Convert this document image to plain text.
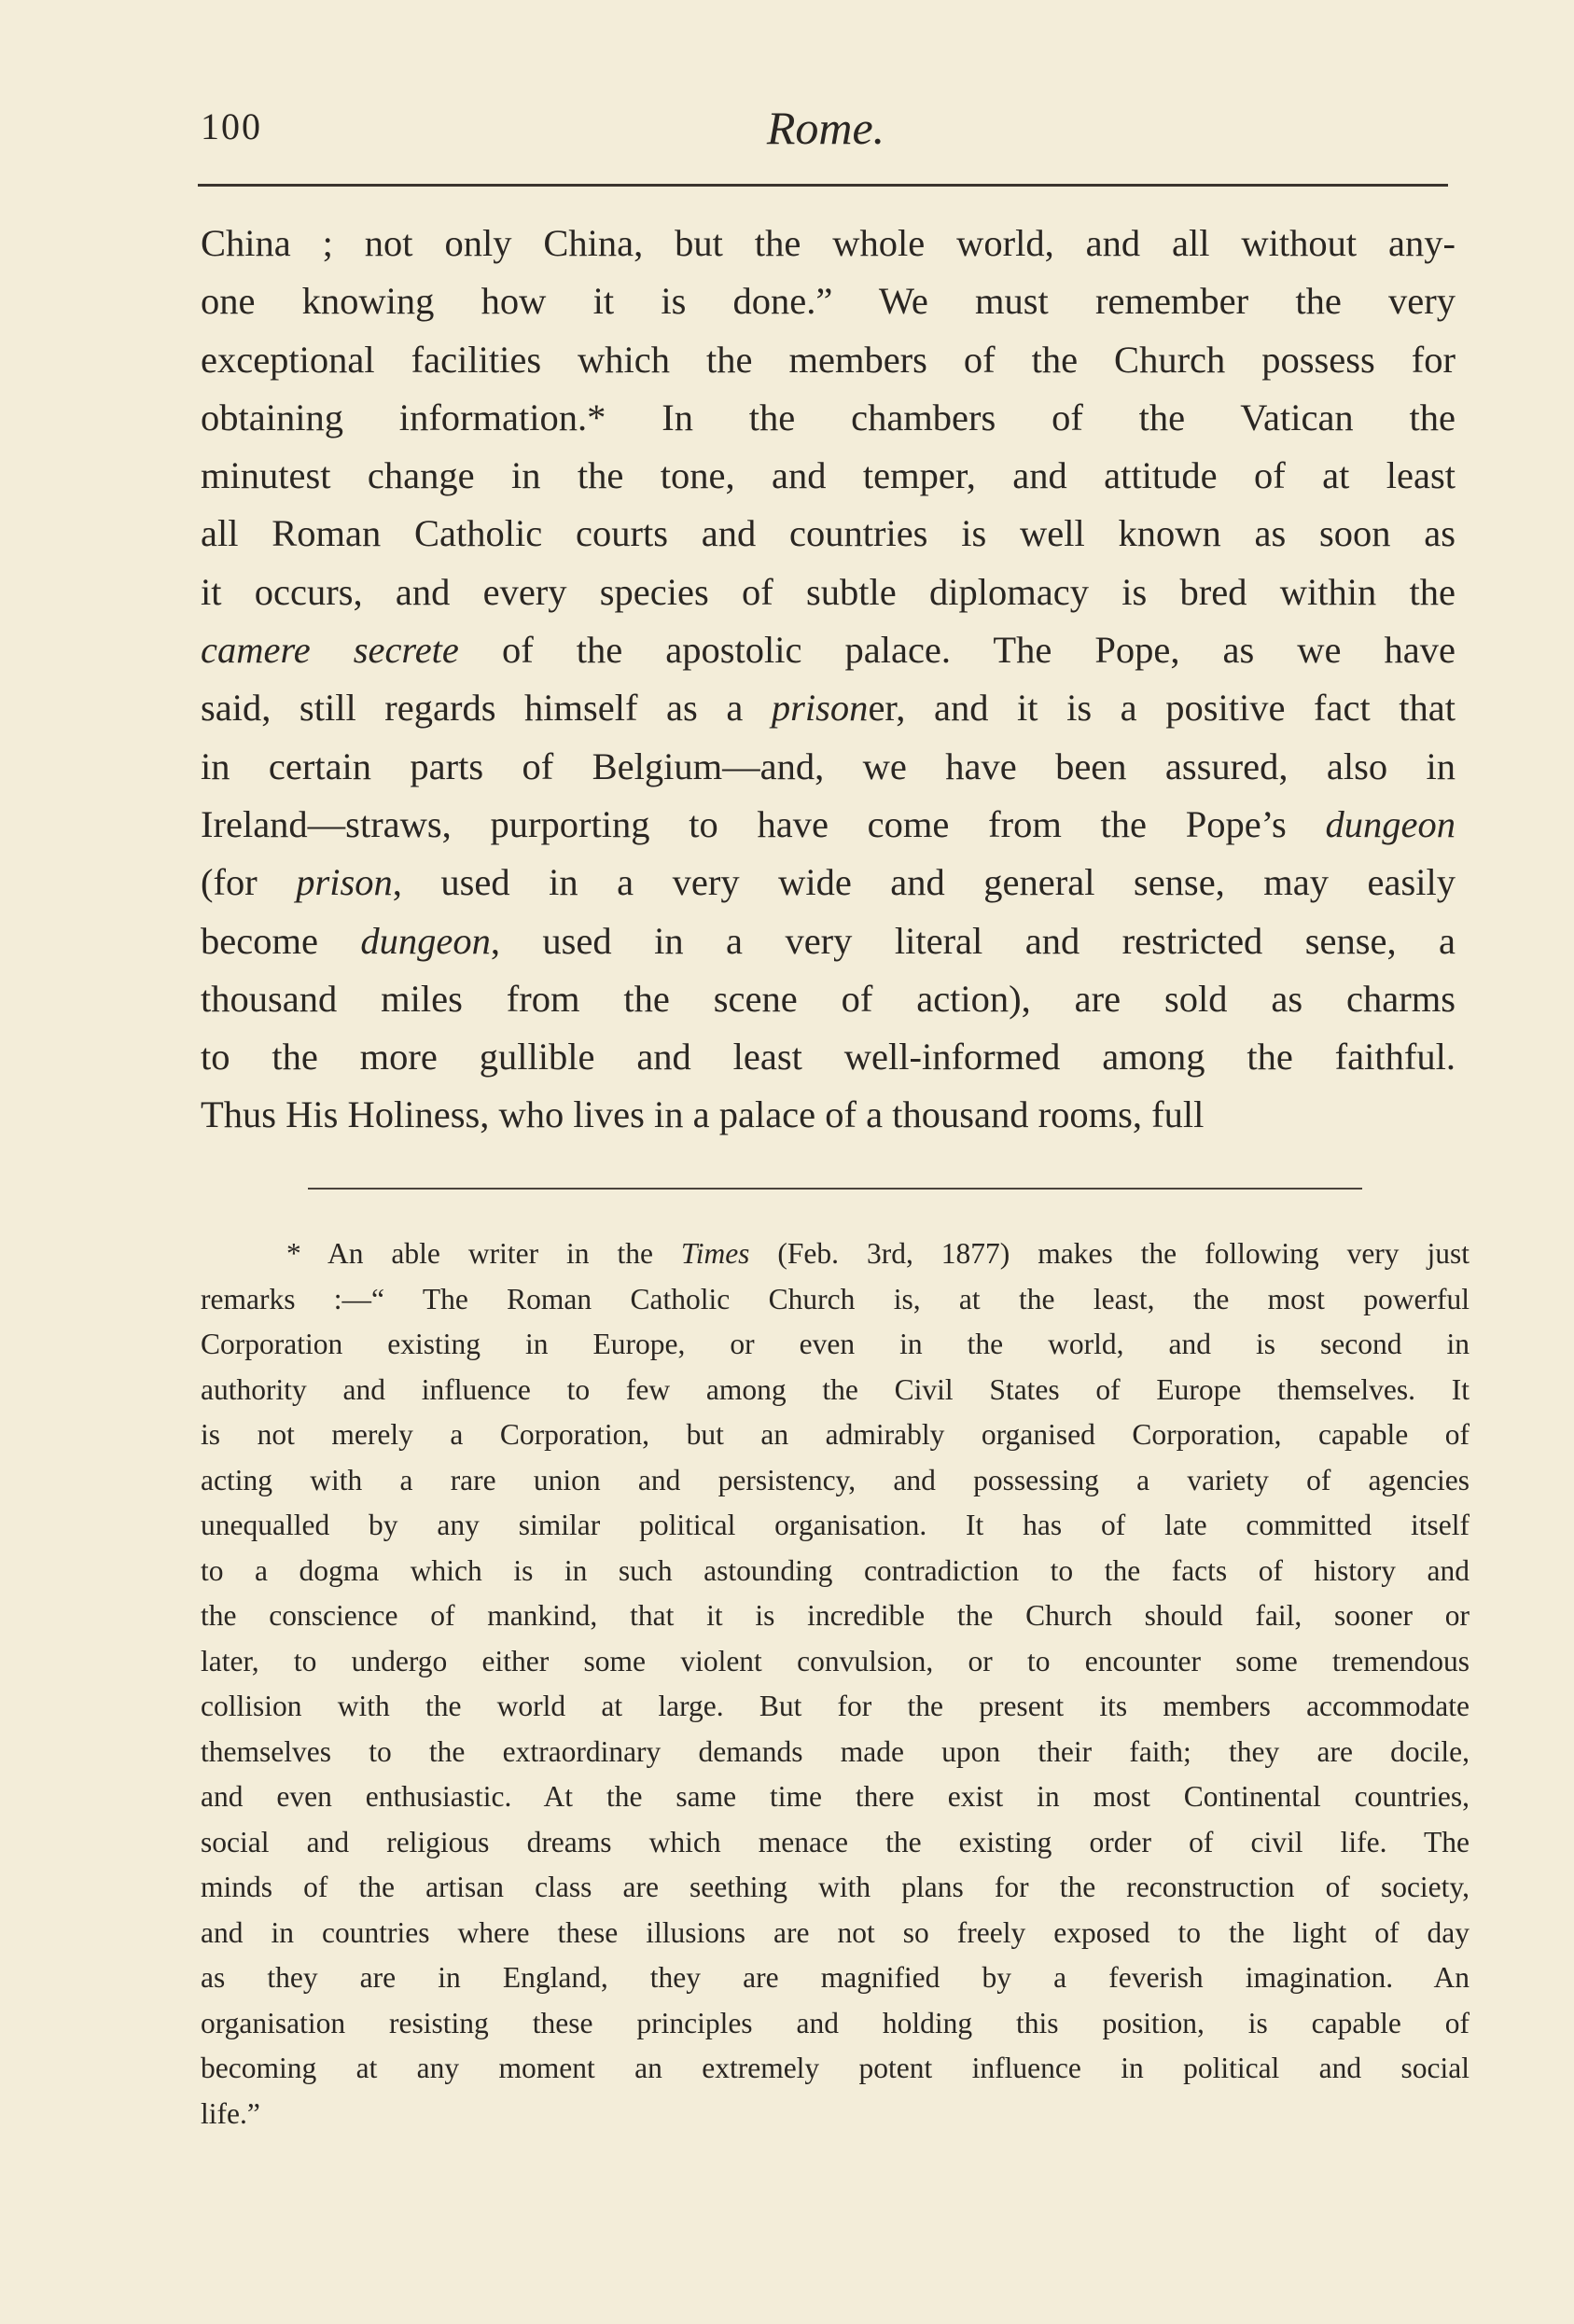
100	Rome.
China ; not only China, but the whole world, and all without any-
one knowing how it is done.” We must remember the very
exceptional facilities which the members of the Church possess for
obtaining information.* In the chambers of the Vatican the
minutest change in the tone, and temper, and attitude of at least
all Roman Catholic courts and countries is well known as soon as
it occurs, and every species of subtle diplomacy is bred within the
camere secrete of the apostolic palace. The Pope, as we have
said, still regards himself as a prisoner, and it is a positive fact that
in certain parts of Belgium—and, we have been assured, also in
Ireland—straws, purporting to have come from the Pope’s dungeon
(for prison, used in a very wide and general sense, may easily
become dungeon, used in a very literal and restricted sense, a
thousand miles from the scene of action), are sold as charms
to the more gullible and least well-informed among the faithful.
Thus His Holiness, who lives in a palace of a thousand rooms, full
* An able writer in the Times (Feb. 3rd, 1877) makes the following very just
remarks :—“ The Roman Catholic Church is, at the least, the most powerful
Corporation existing in Europe, or even in the world, and is second in
authority and influence to few among the Civil States of Europe themselves. It
is not merely a Corporation, but an admirably organised Corporation, capable of
acting with a rare union and persistency, and possessing a variety of agencies
unequalled by any similar political organisation. It has of late committed itself
to a dogma which is in such astounding contradiction to the facts of history and
the conscience of mankind, that it is incredible the Church should fail, sooner or
later, to undergo either some violent convulsion, or to encounter some tremendous
collision with the world at large. But for the present its members accommodate
themselves to the extraordinary demands made upon their faith; they are docile,
and even enthusiastic. At the same time there exist in most Continental countries,
social and religious dreams which menace the existing order of civil life. The
minds of the artisan class are seething with plans for the reconstruction of society,
and in countries where these illusions are not so freely exposed to the light of day
as they are in England, they are magnified by a feverish imagination. An
organisation resisting these principles and holding this position, is capable of
becoming at any moment an extremely potent influence in political and social
life.”
